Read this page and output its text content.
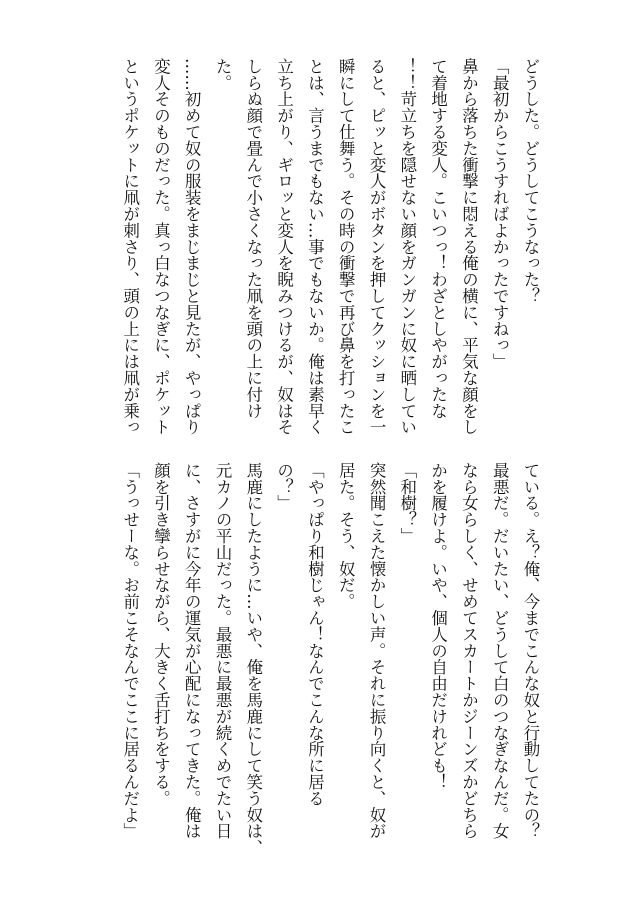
どうした。どうしてこうなった？
「最初からこうすればよかったですねっ」
鼻から落ちた衝撃に悶える俺の横に、平気な顔をし
て着地する変人。こいつっ！わざとしやがったな
！！苛立ちを隠せない顔をガンガンに奴に晒してい
ると、ピッと変人がボタンを押してクッションを一
瞬にして仕舞う。その時の衝撃で再び鼻を打ったこ
とは、言うまでもない…事でもないか。俺は素早く
立ち上がり、ギロッと変人を睨みつけるが、奴はそ
しらぬ顔で畳んで小さくなった凧を頭の上に付け
た。
……初めて奴の服装をまじまじと見たが、やっぱり
変人そのものだった。真っ白なつなぎに、ポケット
というポケットに凧が刺さり、頭の上には凧が乗っ
ている。え？俺、今までこんな奴と行動してたの？
最悪だ。だいたい、どうして白のつなぎなんだ。女
なら女らしく、せめてスカートかジーンズかどちら
かを履けよ。いや、個人の自由だけれども！
「和樹？」
突然聞こえた懐かしい声。それに振り向くと、奴が
居た。そう、奴だ。
「やっぱり和樹じゃん！なんでこんな所に居る
の？」
馬鹿にしたように…いや、俺を馬鹿にして笑う奴は、
元カノの平山だった。最悪に最悪が続くめでたい日
に、さすがに今年の運気が心配になってきた。俺は
顔を引き攣らせながら、大きく舌打ちをする。
「うっせーな。お前こそなんでここに居るんだよ」
